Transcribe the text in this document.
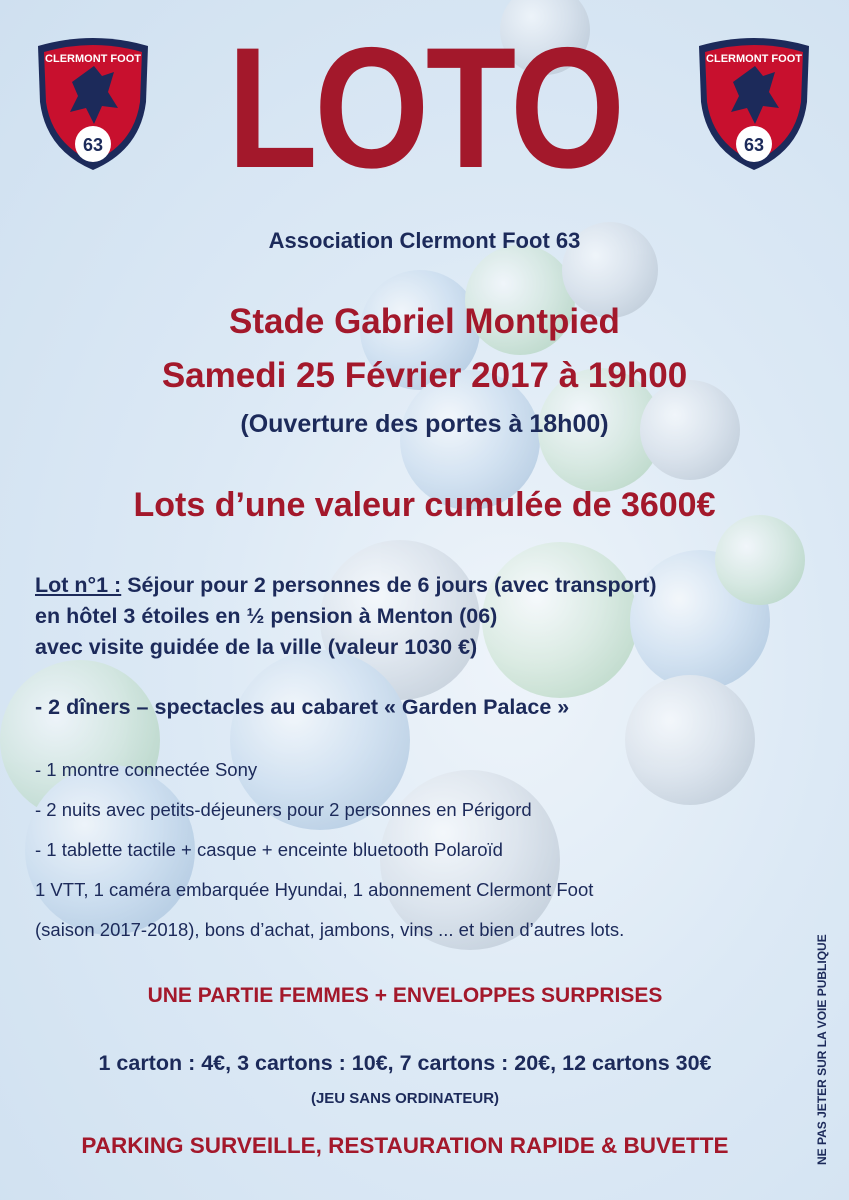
63
CLERMONT FOOT
63
CLERMONT FOOT
LOTO
Association Clermont Foot 63
Stade Gabriel Montpied
Samedi 25 Février 2017 à 19h00
(Ouverture des portes à 18h00)
Lots d’une valeur cumulée de 3600€
Lot n°1 : Séjour pour 2 personnes de 6 jours (avec transport)
en hôtel 3 étoiles en ½ pension à Menton (06)
avec visite guidée de la ville (valeur 1030 €)
- 2 dîners – spectacles au cabaret « Garden Palace »
- 1 montre connectée Sony
- 2 nuits avec petits-déjeuners pour 2 personnes en Périgord
- 1 tablette tactile + casque + enceinte bluetooth Polaroïd
1 VTT, 1 caméra embarquée Hyundai, 1 abonnement Clermont Foot
(saison 2017-2018), bons d’achat, jambons, vins ... et bien d’autres lots.
UNE PARTIE FEMMES + ENVELOPPES SURPRISES
1 carton : 4€, 3 cartons : 10€, 7 cartons : 20€, 12 cartons 30€
(JEU SANS ORDINATEUR)
PARKING SURVEILLE, RESTAURATION RAPIDE & BUVETTE	NE PAS JETER SUR LA VOIE PUBLIQUE
